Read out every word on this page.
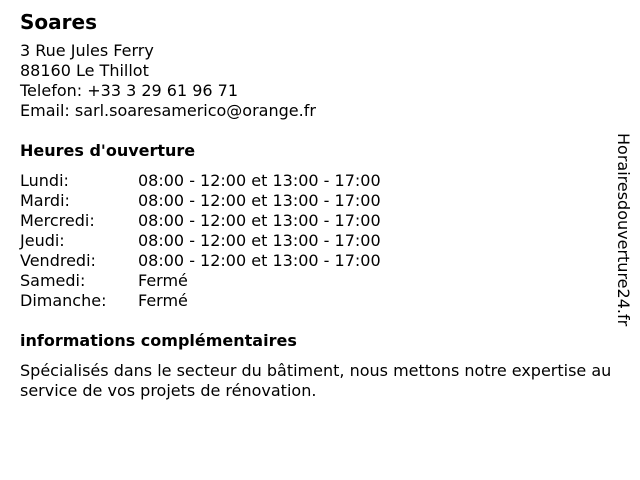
Soares
3 Rue Jules Ferry
88160 Le Thillot
Telefon: +33 3 29 61 96 71
Email: sarl.soaresamerico@orange.fr
Heures d'ouverture
Lundi:	08:00 - 12:00 et 13:00 - 17:00
Mardi:	08:00 - 12:00 et 13:00 - 17:00
Mercredi:	08:00 - 12:00 et 13:00 - 17:00
Jeudi:	08:00 - 12:00 et 13:00 - 17:00
Vendredi:	08:00 - 12:00 et 13:00 - 17:00
Samedi:	Fermé
Dimanche:	Fermé
informations complémentaires
Spécialisés dans le secteur du bâtiment, nous mettons notre expertise au service de vos projets de rénovation.
Horairesdouverture24.fr
